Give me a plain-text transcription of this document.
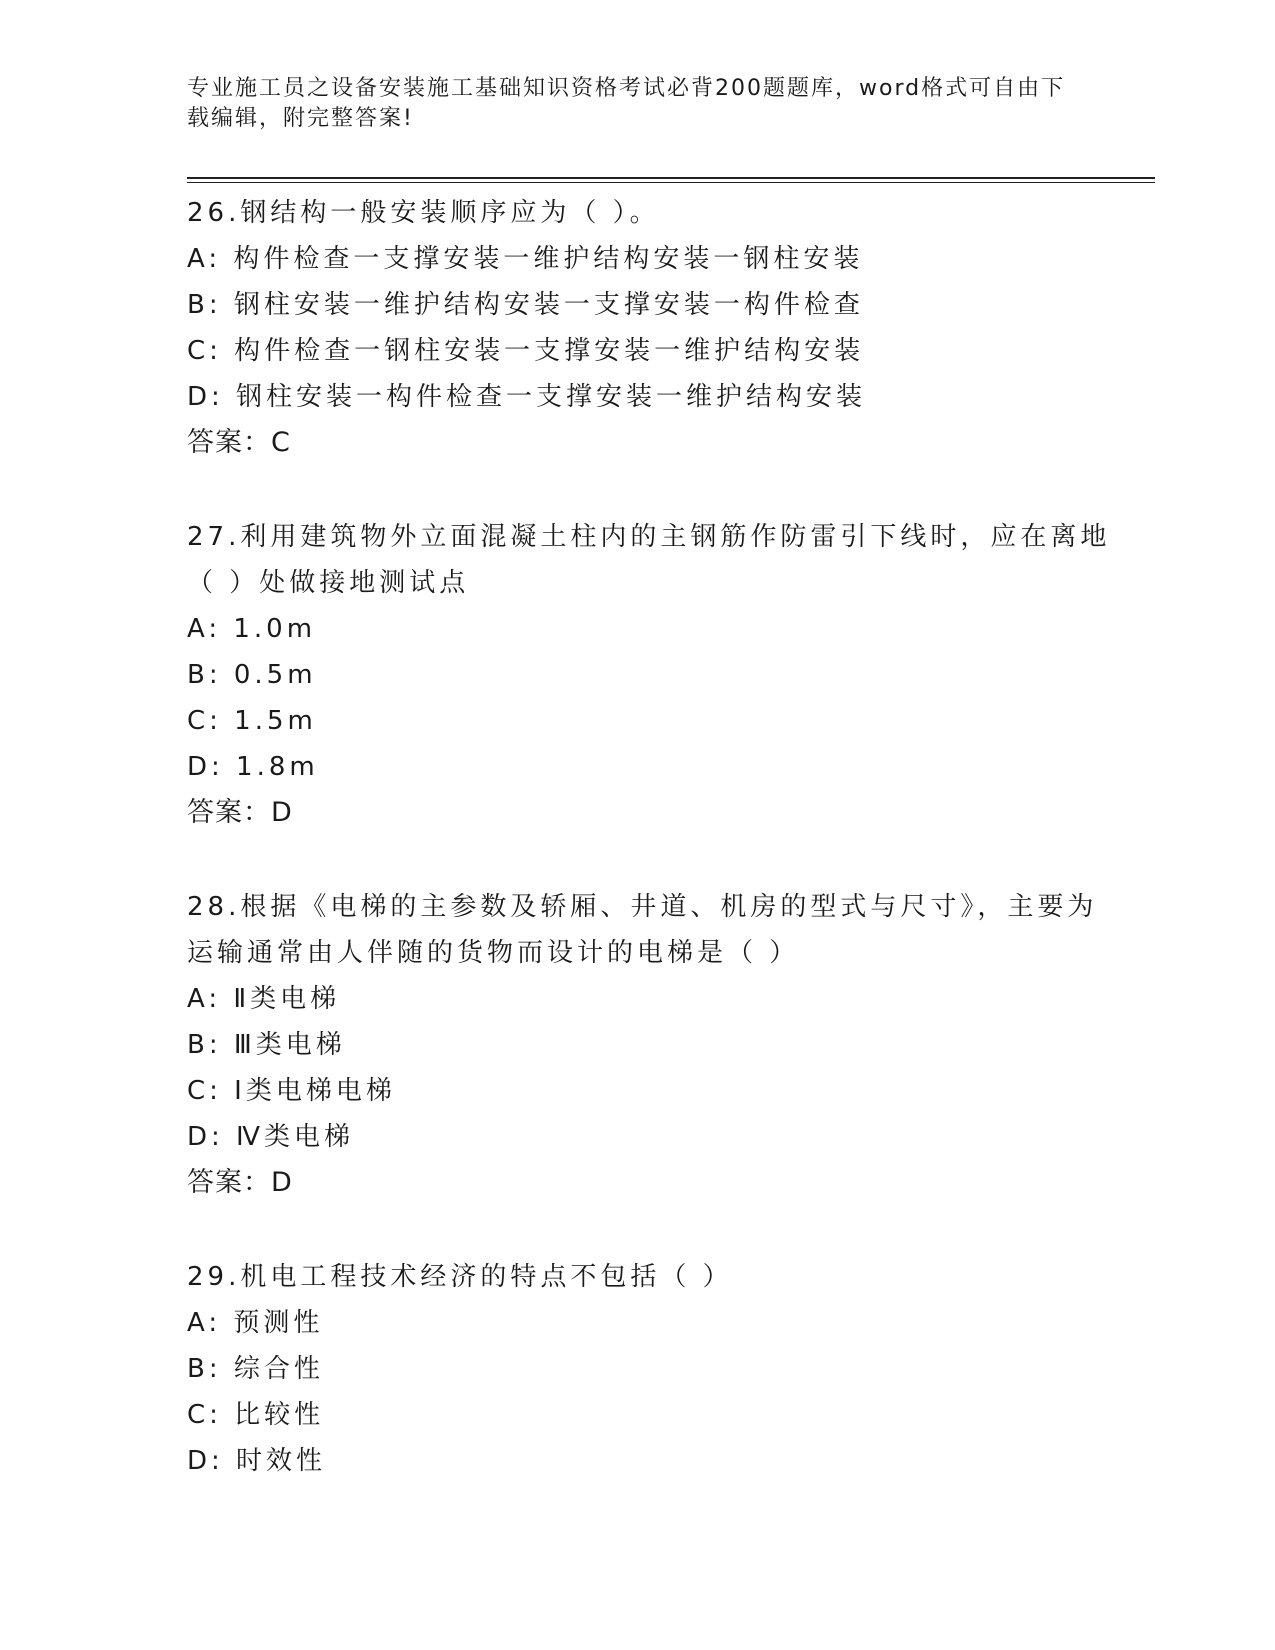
专业施工员之设备安装施工基础知识资格考试必背200题题库，word格式可自由下载编辑，附完整答案!
26.钢结构一般安装顺序应为（ ）。
A: 构件检查一支撑安装一维护结构安装一钢柱安装
B: 钢柱安装一维护结构安装一支撑安装一构件检查
C: 构件检查一钢柱安装一支撑安装一维护结构安装
D: 钢柱安装一构件检查一支撑安装一维护结构安装
答案：C
27.利用建筑物外立面混凝土柱内的主钢筋作防雷引下线时，应在离地
（ ）处做接地测试点
A: 1.0m
B: 0.5m
C: 1.5m
D: 1.8m
答案：D
28.根据《电梯的主参数及轿厢、井道、机房的型式与尺寸》，主要为
运输通常由人伴随的货物而设计的电梯是（ ）
A: Ⅱ类电梯
B: Ⅲ类电梯
C: Ⅰ类电梯电梯
D: Ⅳ类电梯
答案：D
29.机电工程技术经济的特点不包括（ ）
A: 预测性
B: 综合性
C: 比较性
D: 时效性
